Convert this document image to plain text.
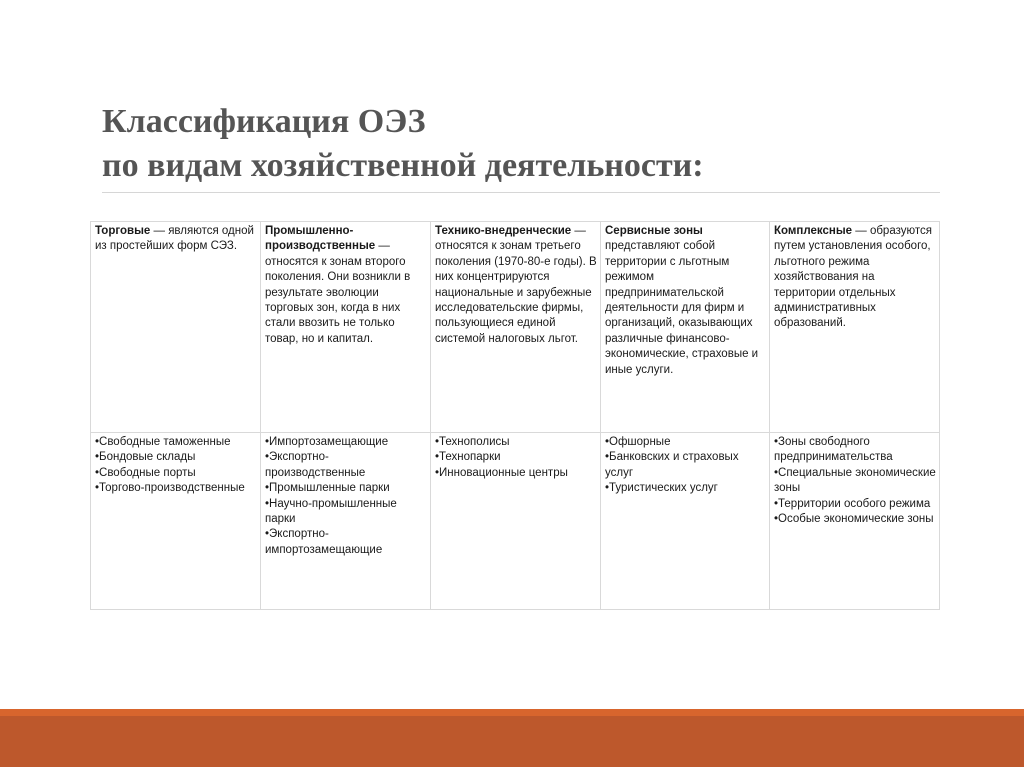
Классификация ОЭЗ
по видам хозяйственной деятельности:
Торговые — являются одной из простейших форм СЭЗ.	Промышленно-производственные — относятся к зонам второго поколения. Они возникли в результате эволюции торговых зон, когда в них стали ввозить не только товар, но и капитал.	Технико-внедренческие — относятся к зонам третьего поколения (1970-80-е годы). В них концентрируются национальные и зарубежные исследовательские фирмы, пользующиеся единой системой налоговых льгот.	Сервисные зоны представляют собой территории с льготным режимом предпринимательской деятельности для фирм и организаций, оказывающих различные финансово-экономические, страховые и иные услуги.	Комплексные — образуются путем установления особого, льготного режима хозяйствования на территории отдельных административных образований.

•Свободные таможенные
•Бондовые склады
•Свободные порты
•Торгово-производственные	•Импортозамещающие
•Экспортно-производственные
•Промышленные парки
•Научно-промышленные парки
•Экспортно-импортозамещающие	•Технополисы
•Технопарки
•Инновационные центры	•Офшорные
•Банковских и страховых услуг
•Туристических услуг	•Зоны свободного предпринимательства
•Специальные экономические зоны
•Территории особого режима
•Особые экономические зоны
